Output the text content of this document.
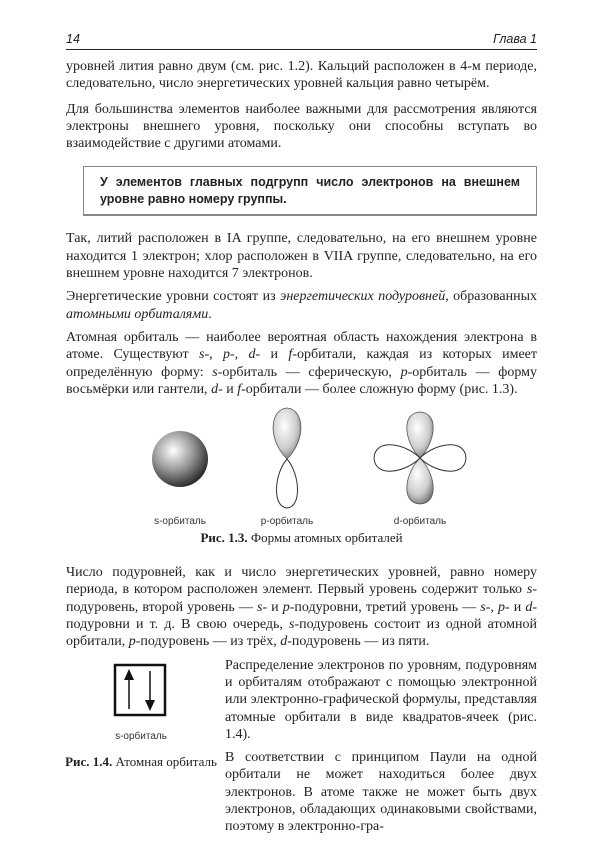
14	Глава 1

уровней лития равно двум (см. рис. 1.2). Кальций расположен в 4-м периоде, следовательно, число энергетических уровней кальция равно четырём.

Для большинства элементов наиболее важными для рассмотрения являются электроны внешнего уровня, поскольку они способны вступать во взаимодействие с другими атомами.

У элементов главных подгрупп число электронов на внешнем уровне равно номеру группы.

Так, литий расположен в IA группе, следовательно, на его внешнем уровне находится 1 электрон; хлор расположен в VIIA группе, следовательно, на его внешнем уровне находится 7 электронов.

Энергетические уровни состоят из энергетических подуровней, образованных атомными орбиталями.

Атомная орбиталь — наиболее вероятная область нахождения электрона в атоме. Существуют s-, p-, d- и f-орбитали, каждая из которых имеет определённую форму: s-орбиталь — сферическую, p-орбиталь — форму восьмёрки или гантели, d- и f-орбитали — более сложную форму (рис. 1.3).

s-орбиталь	p-орбиталь	d-орбиталь
Рис. 1.3. Формы атомных орбиталей

Число подуровней, как и число энергетических уровней, равно номеру периода, в котором расположен элемент. Первый уровень содержит только s-подуровень, второй уровень — s- и p-подуровни, третий уровень — s-, p- и d-подуровни и т. д. В свою очередь, s-подуровень состоит из одной атомной орбитали, p-подуровень — из трёх, d-подуровень — из пяти.

s-орбиталь
Рис. 1.4. Атомная орбиталь

Распределение электронов по уровням, подуровням и орбиталям отображают с помощью электронной или электронно-графической формулы, представляя атомные орбитали в виде квадратов-ячеек (рис. 1.4).

В соответствии с принципом Паули на одной орбитали не может находиться более двух электронов. В атоме также не может быть двух электронов, обладающих одинаковыми свойствами, поэтому в электронно-гра-
